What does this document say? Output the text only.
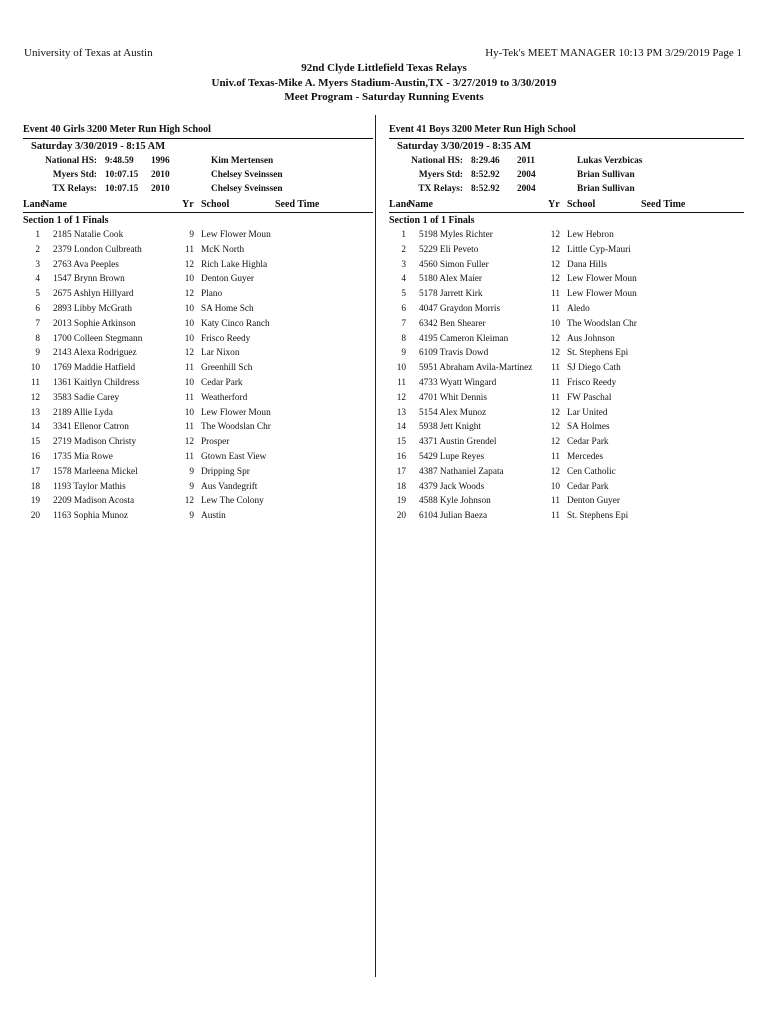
University of Texas at Austin	Hy-Tek's MEET MANAGER 10:13 PM 3/29/2019 Page 1
92nd Clyde Littlefield Texas Relays
Univ.of Texas-Mike A. Myers Stadium-Austin,TX - 3/27/2019 to 3/30/2019
Meet Program - Saturday Running Events
Event 40 Girls 3200 Meter Run High School
Saturday 3/30/2019 - 8:15 AM
National HS: 9:48.59 1996	Kim Mertensen
Myers Std: 10:07.15 2010	Chelsey Sveinssen
TX Relays: 10:07.15 2010	Chelsey Sveinssen
Lane
Name	Yr School	Seed Time
Section 1 of 1 Finals
1 2185 Natalie Cook	9 Lew Flower Moun
2 2379 London Culbreath	11 McK North
3 2763 Ava Peeples	12 Rich Lake Highla
4 1547 Brynn Brown	10 Denton Guyer
5 2675 Ashlyn Hillyard	12 Plano
6 2893 Libby McGrath	10 SA Home Sch
7 2013 Sophie Atkinson	10 Katy Cinco Ranch
8 1700 Colleen Stegmann	10 Frisco Reedy
9 2143 Alexa Rodriguez	12 Lar Nixon
10 1769 Maddie Hatfield	11 Greenhill Sch
11 1361 Kaitlyn Childress	10 Cedar Park
12 3583 Sadie Carey	11 Weatherford
13 2189 Allie Lyda	10 Lew Flower Moun
14 3341 Ellenor Catron	11 The Woodslan Chr
15 2719 Madison Christy	12 Prosper
16 1735 Mia Rowe	11 Gtown East View
17 1578 Marleena Mickel	9 Dripping Spr
18 1193 Taylor Mathis	9 Aus Vandegrift
19 2209 Madison Acosta	12 Lew The Colony
20 1163 Sophia Munoz	9 Austin
Event 41 Boys 3200 Meter Run High School
Saturday 3/30/2019 - 8:35 AM
National HS: 8:29.46 2011	Lukas Verzbicas
Myers Std: 8:52.92 2004	Brian Sullivan
TX Relays: 8:52.92 2004	Brian Sullivan
Lane
Name	Yr School	Seed Time
Section 1 of 1 Finals
1 5198 Myles Richter	12 Lew Hebron
2 5229 Eli Peveto	12 Little Cyp-Mauri
3 4560 Simon Fuller	12 Dana Hills
4 5180 Alex Maier	12 Lew Flower Moun
5 5178 Jarrett Kirk	11 Lew Flower Moun
6 4047 Graydon Morris	11 Aledo
7 6342 Ben Shearer	10 The Woodslan Chr
8 4195 Cameron Kleiman	12 Aus Johnson
9 6109 Travis Dowd	12 St. Stephens Epi
10 5951 Abraham Avila-Martinez	11 SJ Diego Cath
11 4733 Wyatt Wingard	11 Frisco Reedy
12 4701 Whit Dennis	11 FW Paschal
13 5154 Alex Munoz	12 Lar United
14 5938 Jett Knight	12 SA Holmes
15 4371 Austin Grendel	12 Cedar Park
16 5429 Lupe Reyes	11 Mercedes
17 4387 Nathaniel Zapata	12 Cen Catholic
18 4379 Jack Woods	10 Cedar Park
19 4588 Kyle Johnson	11 Denton Guyer
20 6104 Julian Baeza	11 St. Stephens Epi
